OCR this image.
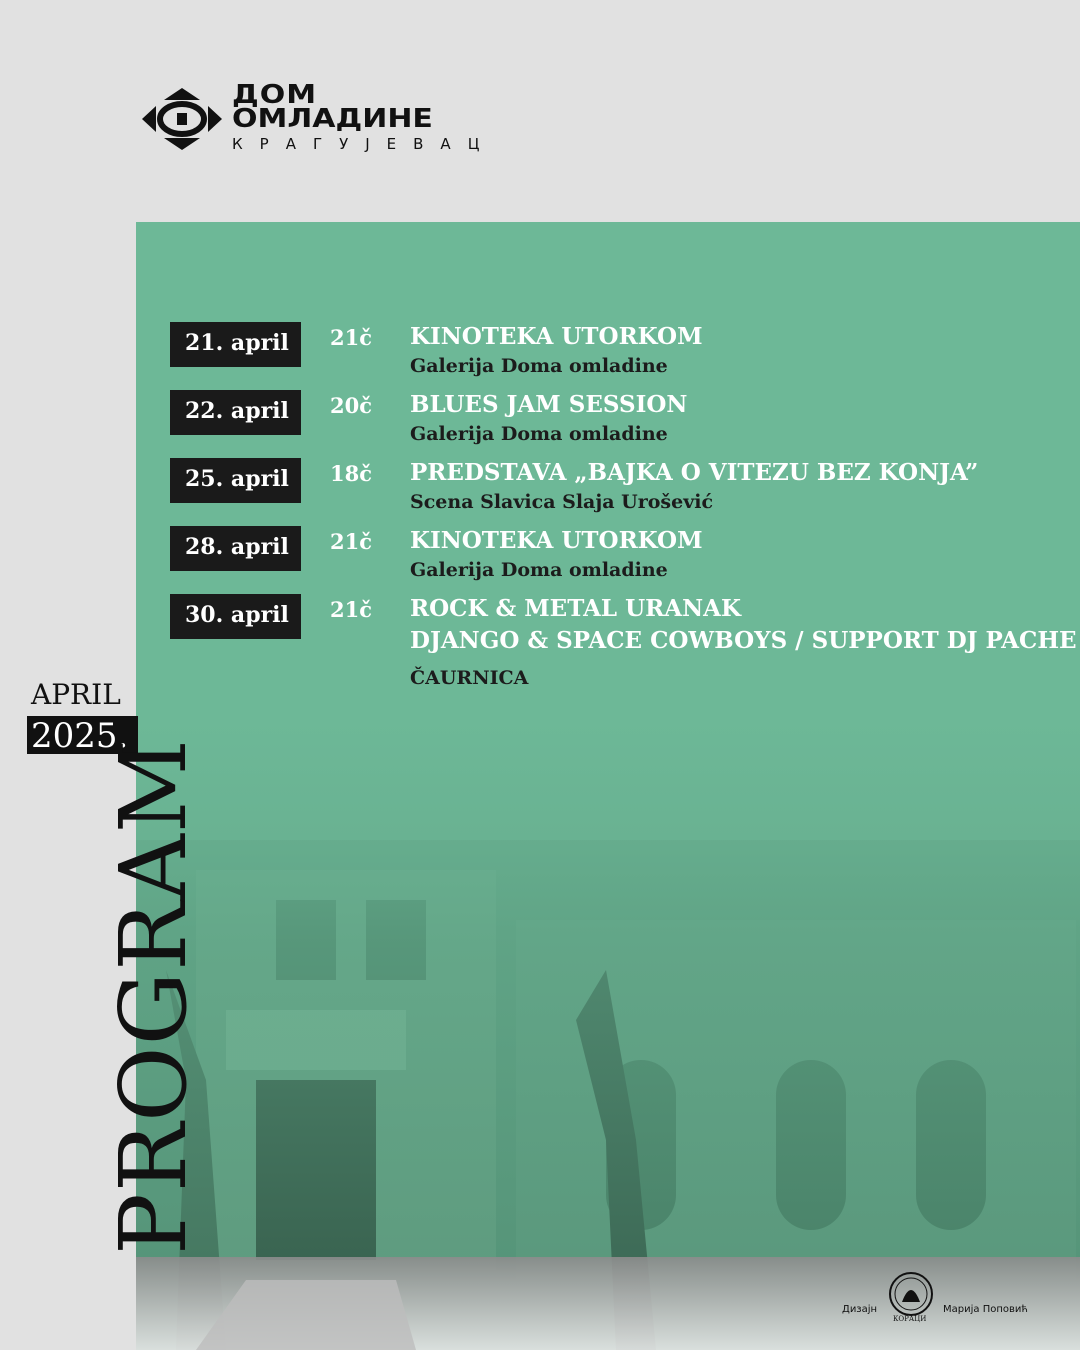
ДОМ
ОМЛАДИНЕ
КРАГУЈЕВАЦ
21. april	21č KINOTEKA UTORKOM
Galerija Doma omladine
22. april	20č BLUES JAM SESSION
Galerija Doma omladine
25. april	18č PREDSTAVA „BAJKA O VITEZU BEZ KONJA”
Scena Slavica Slaja Urošević
28. april	21č KINOTEKA UTORKOM
Galerija Doma omladine
30. april	21č ROCK & METAL URANAK
DJANGO & SPACE COWBOYS / SUPPORT DJ PACHE
ČAURNICA
APRIL
2025.
PROGRAM
Дизајн
КОРАЦИ
Марија Поповић
